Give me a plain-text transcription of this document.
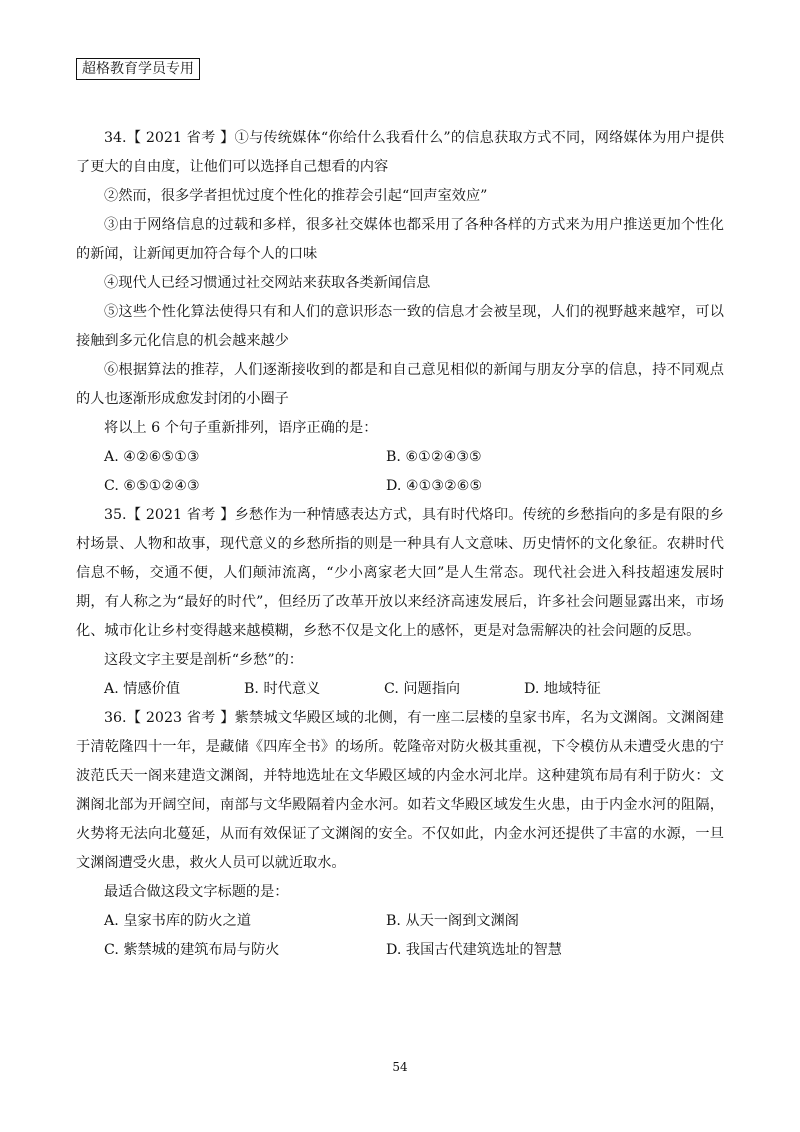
超格教育学员专用

34.【 2021 省考 】①与传统媒体“你给什么我看什么”的信息获取方式不同，网络媒体为用户提供了更大的自由度，让他们可以选择自己想看的内容

②然而，很多学者担忧过度个性化的推荐会引起“回声室效应”

③由于网络信息的过载和多样，很多社交媒体也都采用了各种各样的方式来为用户推送更加个性化的新闻，让新闻更加符合每个人的口味

④现代人已经习惯通过社交网站来获取各类新闻信息

⑤这些个性化算法使得只有和人们的意识形态一致的信息才会被呈现，人们的视野越来越窄，可以接触到多元化信息的机会越来越少

⑥根据算法的推荐，人们逐渐接收到的都是和自己意见相似的新闻与朋友分享的信息，持不同观点的人也逐渐形成愈发封闭的小圈子

将以上 6 个句子重新排列，语序正确的是：

A. ④②⑥⑤①③	B. ⑥①②④③⑤
C. ⑥⑤①②④③	D. ④①③②⑥⑤

35.【 2021 省考 】乡愁作为一种情感表达方式，具有时代烙印。传统的乡愁指向的多是有限的乡村场景、人物和故事，现代意义的乡愁所指的则是一种具有人文意味、历史情怀的文化象征。农耕时代信息不畅，交通不便，人们颠沛流离，“少小离家老大回”是人生常态。现代社会进入科技超速发展时期，有人称之为“最好的时代”，但经历了改革开放以来经济高速发展后，许多社会问题显露出来，市场化、城市化让乡村变得越来越模糊，乡愁不仅是文化上的感怀，更是对急需解决的社会问题的反思。

这段文字主要是剖析“乡愁”的：

A. 情感价值	B. 时代意义	C. 问题指向	D. 地域特征

36.【 2023 省考 】紫禁城文华殿区域的北侧，有一座二层楼的皇家书库，名为文渊阁。文渊阁建于清乾隆四十一年，是藏储《四库全书》的场所。乾隆帝对防火极其重视，下令模仿从未遭受火患的宁波范氏天一阁来建造文渊阁，并特地选址在文华殿区域的内金水河北岸。这种建筑布局有利于防火：文渊阁北部为开阔空间，南部与文华殿隔着内金水河。如若文华殿区域发生火患，由于内金水河的阻隔，火势将无法向北蔓延，从而有效保证了文渊阁的安全。不仅如此，内金水河还提供了丰富的水源，一旦文渊阁遭受火患，救火人员可以就近取水。

最适合做这段文字标题的是：

A. 皇家书库的防火之道	B. 从天一阁到文渊阁
C. 紫禁城的建筑布局与防火	D. 我国古代建筑选址的智慧
54
